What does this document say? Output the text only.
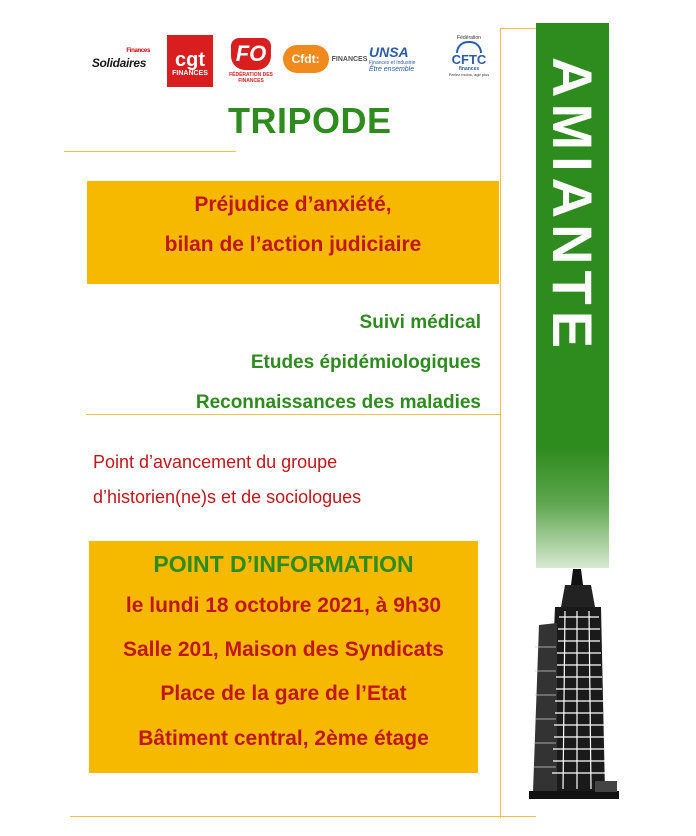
Solidaires
Finances cgt
FINANCES
FO
FÉDÉRATION DES FINANCES
Cfdt:	FINANCES UNSA
Finances et Industrie
Être ensemble
Fédération
CFTC
finances
Parlez moins, agir plus
TRIPODE
Préjudice d’anxiété,
bilan de l’action judiciaire
Suivi médical
Etudes épidémiologiques
Reconnaissances des maladies
Point d’avancement du groupe
d’historien(ne)s et de sociologues
POINT D’INFORMATION
le lundi 18 octobre 2021, à 9h30
Salle 201, Maison des Syndicats
Place de la gare de l’Etat
Bâtiment central, 2ème étage
AMIANTE
